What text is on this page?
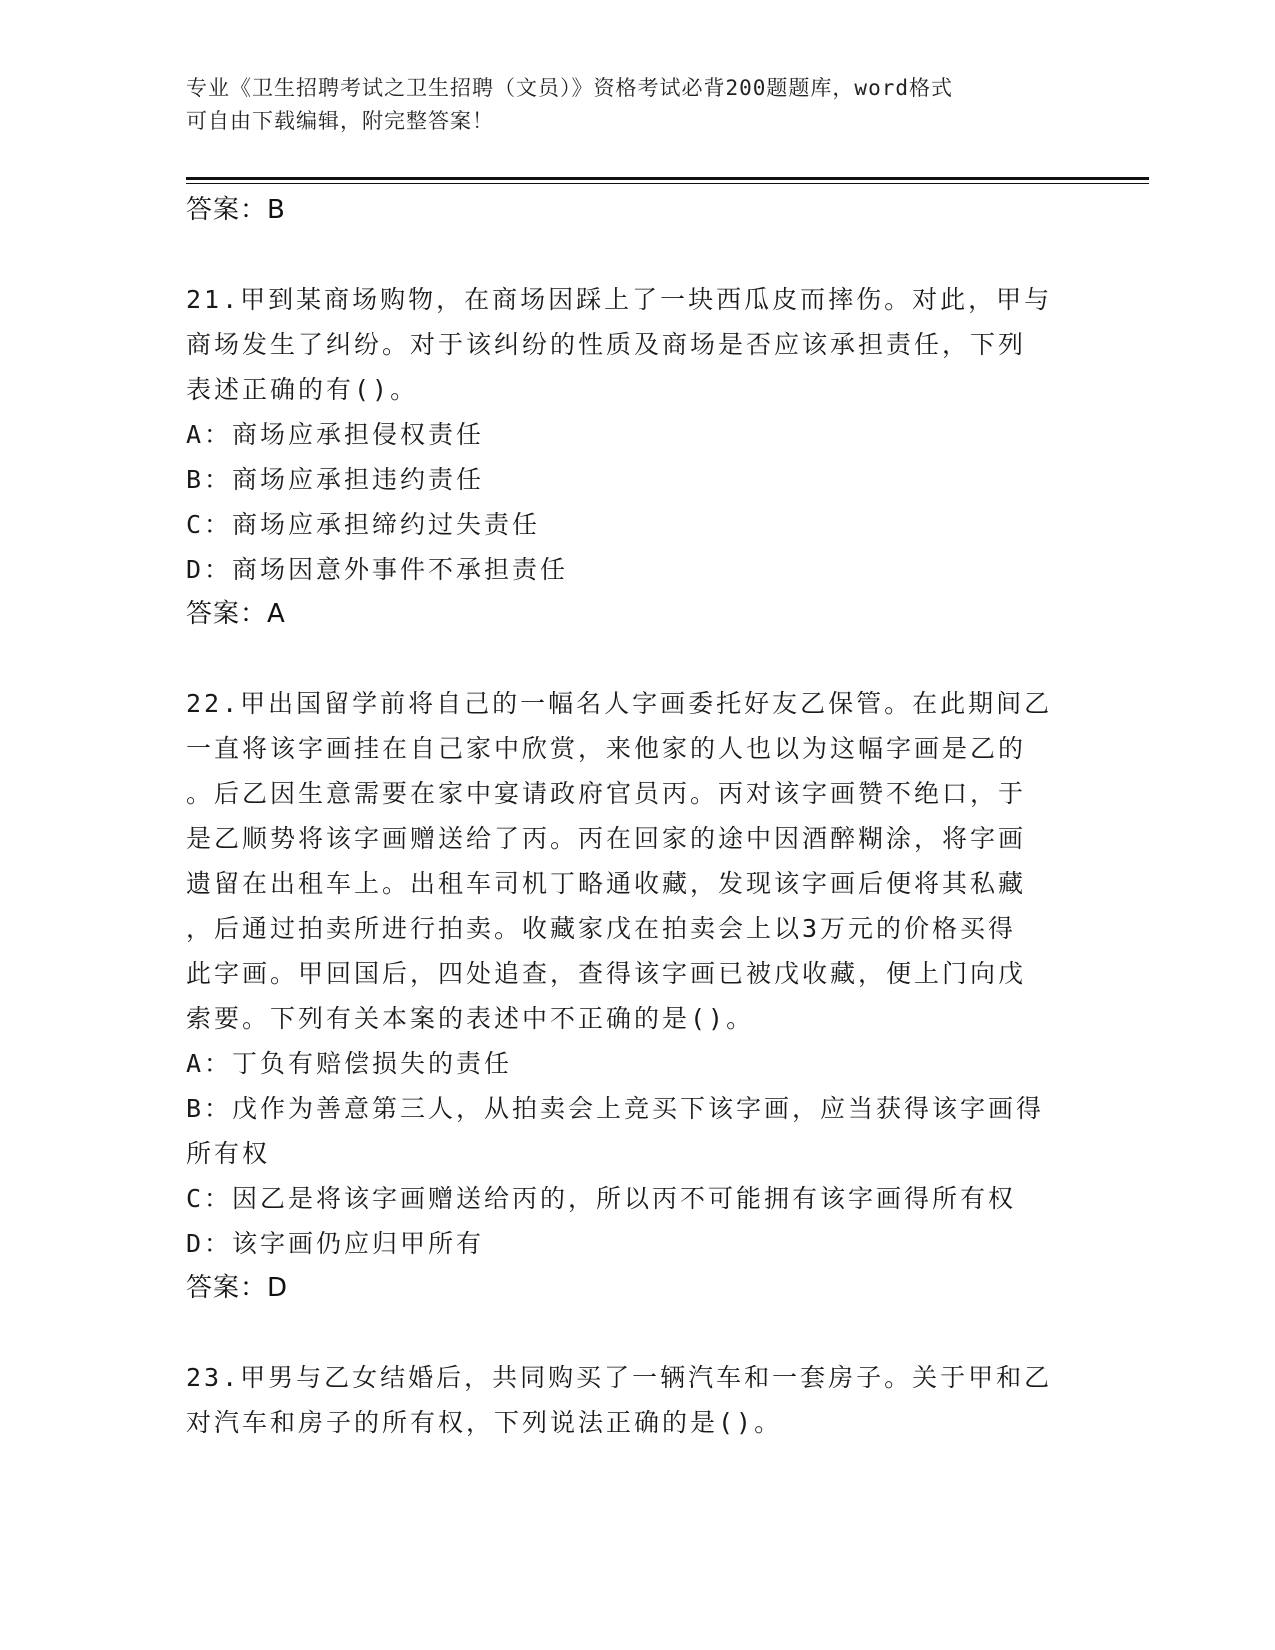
专业《卫生招聘考试之卫生招聘（文员）》资格考试必背200题题库，word格式
可自由下载编辑，附完整答案！
答案：B
21.甲到某商场购物，在商场因踩上了一块西瓜皮而摔伤。对此，甲与
商场发生了纠纷。对于该纠纷的性质及商场是否应该承担责任，下列
表述正确的有()。
A：商场应承担侵权责任
B：商场应承担违约责任
C：商场应承担缔约过失责任
D：商场因意外事件不承担责任
答案：A
22.甲出国留学前将自己的一幅名人字画委托好友乙保管。在此期间乙
一直将该字画挂在自己家中欣赏，来他家的人也以为这幅字画是乙的
。后乙因生意需要在家中宴请政府官员丙。丙对该字画赞不绝口，于
是乙顺势将该字画赠送给了丙。丙在回家的途中因酒醉糊涂，将字画
遗留在出租车上。出租车司机丁略通收藏，发现该字画后便将其私藏
，后通过拍卖所进行拍卖。收藏家戊在拍卖会上以3万元的价格买得
此字画。甲回国后，四处追查，查得该字画已被戊收藏，便上门向戊
索要。下列有关本案的表述中不正确的是()。
A：丁负有赔偿损失的责任
B：戊作为善意第三人，从拍卖会上竞买下该字画，应当获得该字画得
所有权
C：因乙是将该字画赠送给丙的，所以丙不可能拥有该字画得所有权
D：该字画仍应归甲所有
答案：D
23.甲男与乙女结婚后，共同购买了一辆汽车和一套房子。关于甲和乙
对汽车和房子的所有权，下列说法正确的是()。
